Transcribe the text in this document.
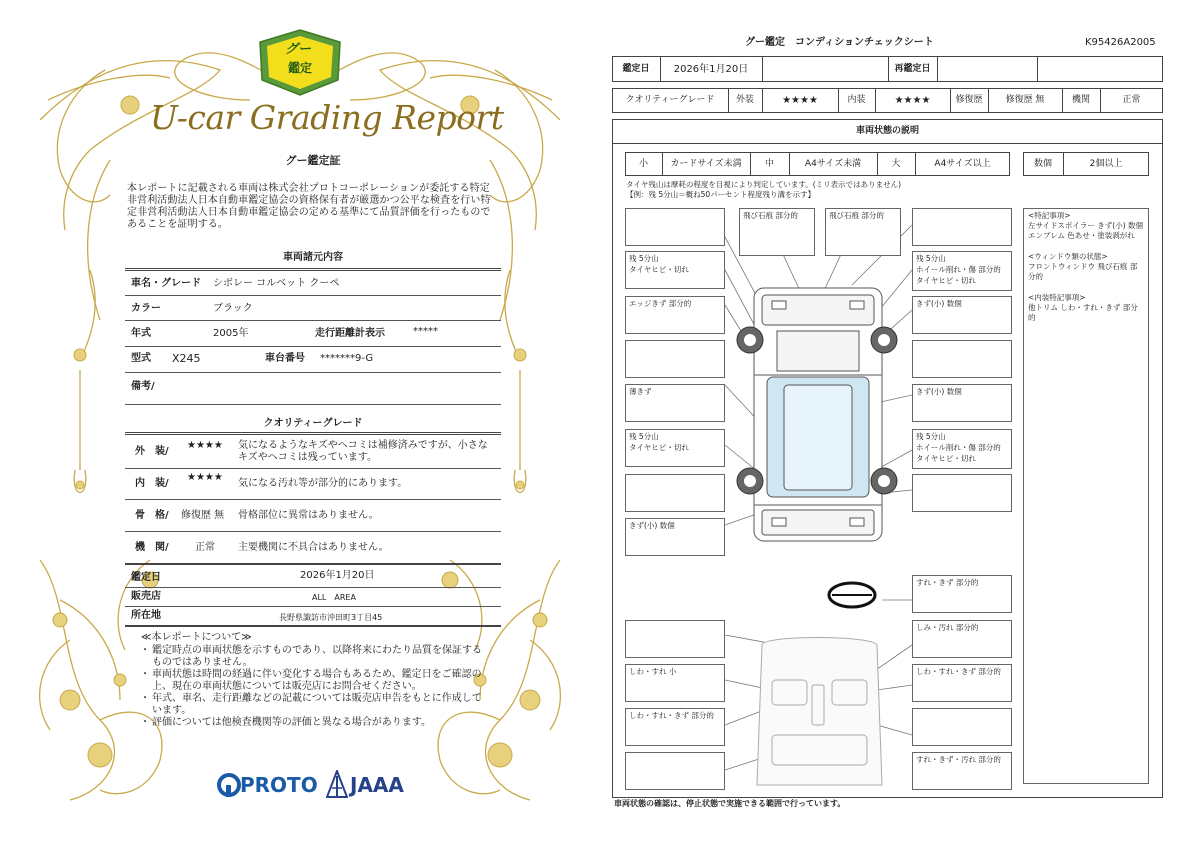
グー
鑑定
U-car Grading Report
グー鑑定証
本レポートに記載される車両は株式会社プロトコーポレーションが委託する特定非営利活動法人日本自動車鑑定協会の資格保有者が厳選かつ公平な検査を行い特定非営利活動法人日本自動車鑑定協会の定める基準にて品質評価を行ったものであることを証明する。
車両諸元内容
車名・グレード シボレー コルベット クーペ
カラー	ブラック
年式	2005年	走行距離計表示	*****
型式 X245	車台番号 *******9-G
備考/
クオリティーグレード
外　装/
★★★★ 気になるようなキズやヘコミは補修済みですが、小さなキズやヘコミは残っています。
内　装/
★★★★
気になる汚れ等が部分的にあります。
骨　格/ 修復歴 無 骨格部位に異常はありません。
機　関/	正常 主要機関に不具合はありません。
鑑定日	2026年1月20日
販売店	ALL　AREA
所在地	長野県諏訪市沖田町3丁目45
≪本レポートについて≫
・ 鑑定時点の車両状態を示すものであり、以降将来にわたり品質を保証するものではありません。
・ 車両状態は時間の経過に伴い変化する場合もあるため、鑑定日をご確認の上、現在の車両状態については販売店にお問合せください。
・ 年式、車名、走行距離などの記載については販売店申告をもとに作成しています。
・ 評価については他検査機関等の評価と異なる場合があります。
PROTO JAAA
グー鑑定　コンディションチェックシート	K95426A2005
鑑定日	2026年1月20日	再鑑定日
クオリティーグレード	外装	★★★★	内装	★★★★	修復歴	修復歴 無	機関	正常
車両状態の説明
小	カードサイズ未満	中	A4サイズ未満	大	A4サイズ以上	数個	2個以上
タイヤ残山は摩耗の程度を目視により判定しています。(ミリ表示ではありません)
【例：残 5分山＝概ね50パーセント程度残り溝を示す】
残 5分山
タイヤヒビ・切れ
エッジきず 部分的
薄きず
残 5分山
タイヤヒビ・切れ
きず(小) 数個
飛び石痕 部分的	飛び石痕 部分的
残 5分山
ホイール削れ・傷 部分的
タイヤヒビ・切れ
きず(小) 数個
きず(小) 数個
残 5分山
ホイール削れ・傷 部分的
タイヤヒビ・切れ
<特記事項>
左サイドスポイラー きず(小) 数個
エンブレム 色あせ・塗装剥がれ
<ウィンドウ類の状態>
フロントウィンドウ 飛び石痕 部分的
<内装特記事項>
他トリム しわ・すれ・きず 部分的
すれ・きず 部分的
しみ・汚れ 部分的
しわ・すれ・きず 部分的
すれ・きず・汚れ 部分的
しわ・すれ 小
しわ・すれ・きず 部分的
車両状態の確認は、停止状態で実施できる範囲で行っています。
